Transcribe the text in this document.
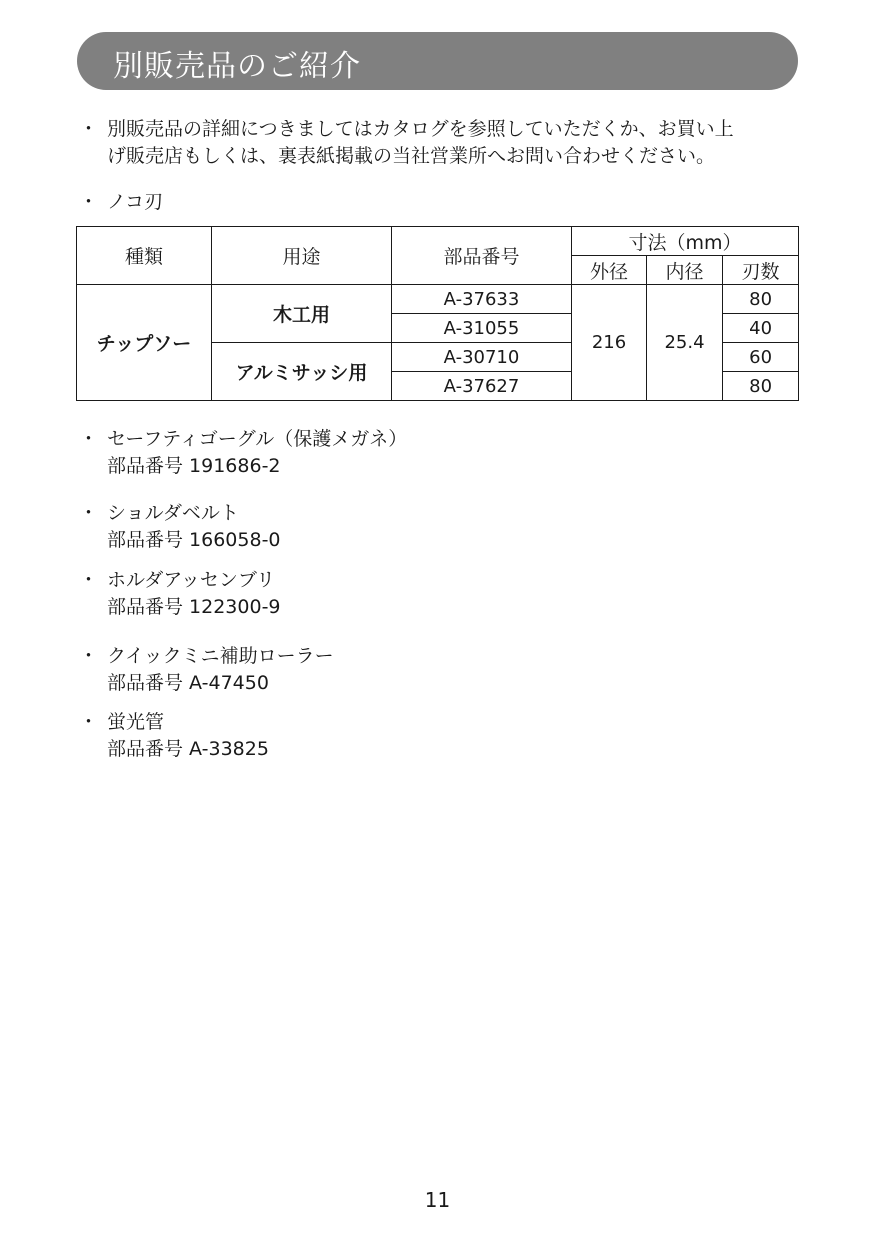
別販売品のご紹介
・ 別販売品の詳細につきましてはカタログを参照していただくか、お買い上
げ販売店もしくは、裏表紙掲載の当社営業所へお問い合わせください。
・ ノコ刃
種類	用途	部品番号	寸法（mm）		
			外径	内径	刃数
チップソー	木工用	A-37633	216	25.4	80
		A-31055			40
	アルミサッシ用	A-30710			60
		A-37627			80
・ セーフティゴーグル（保護メガネ）
部品番号 191686-2
・ ショルダベルト
部品番号 166058-0
・ ホルダアッセンブリ
部品番号 122300-9
・ クイックミニ補助ローラー
部品番号 A-47450
・ 蛍光管
部品番号 A-33825
11
